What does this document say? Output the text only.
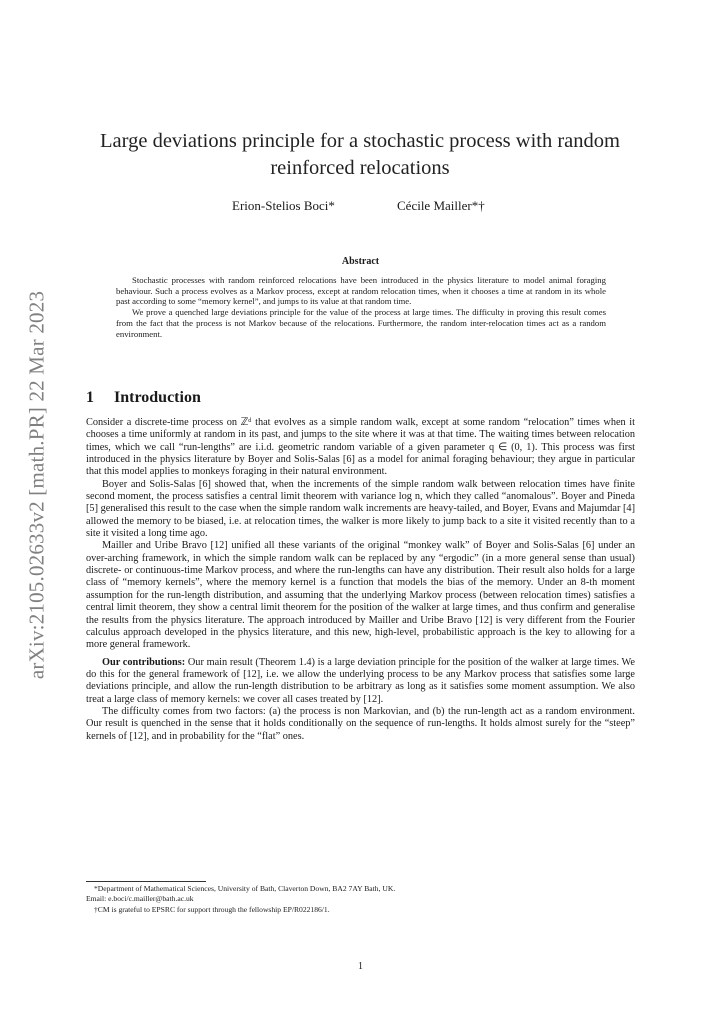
arXiv:2105.02633v2 [math.PR] 22 Mar 2023
Large deviations principle for a stochastic process with random reinforced relocations
Erion-Stelios Boci*	Cécile Mailler*†
Abstract

Stochastic processes with random reinforced relocations have been introduced in the physics literature to model animal foraging behaviour. Such a process evolves as a Markov process, except at random relocation times, when it chooses a time at random in its whole past according to some “memory kernel”, and jumps to its value at that random time.

We prove a quenched large deviations principle for the value of the process at large times. The difficulty in proving this result comes from the fact that the process is not Markov because of the relocations. Furthermore, the random inter-relocation times act as a random environment.

1 Introduction

Consider a discrete-time process on ℤᵈ that evolves as a simple random walk, except at some random “relocation” times when it chooses a time uniformly at random in its past, and jumps to the site where it was at that time. The waiting times between relocation times, which we call “run-lengths” are i.i.d. geometric random variable of a given parameter q ∈ (0, 1). This process was first introduced in the physics literature by Boyer and Solis-Salas [6] as a model for animal foraging behaviour; they argue in particular that this model applies to monkeys foraging in their natural environment.

Boyer and Solis-Salas [6] showed that, when the increments of the simple random walk between relocation times have finite second moment, the process satisfies a central limit theorem with variance log n, which they called “anomalous”. Boyer and Pineda [5] generalised this result to the case when the simple random walk increments are heavy-tailed, and Boyer, Evans and Majumdar [4] allowed the memory to be biased, i.e. at relocation times, the walker is more likely to jump back to a site it visited recently than to a site it visited a long time ago.

Mailler and Uribe Bravo [12] unified all these variants of the original “monkey walk” of Boyer and Solis-Salas [6] under an over-arching framework, in which the simple random walk can be replaced by any “ergodic” (in a more general sense than usual) discrete- or continuous-time Markov process, and where the run-lengths can have any distribution. Their result also holds for a large class of “memory kernels”, where the memory kernel is a function that models the bias of the memory. Under an 8-th moment assumption for the run-length distribution, and assuming that the underlying Markov process (between relocation times) satisfies a central limit theorem, they show a central limit theorem for the position of the walker at large times, and thus confirm and generalise the results from the physics literature. The approach introduced by Mailler and Uribe Bravo [12] is very different from the Fourier calculus approach developed in the physics literature, and this new, high-level, probabilistic approach is the key to allowing for a more general framework.

Our contributions: Our main result (Theorem 1.4) is a large deviation principle for the position of the walker at large times. We do this for the general framework of [12], i.e. we allow the underlying process to be any Markov process that satisfies some large deviations principle, and allow the run-length distribution to be arbitrary as long as it satisfies some moment assumption. We also treat a large class of memory kernels: we cover all cases treated by [12].

The difficulty comes from two factors: (a) the process is non Markovian, and (b) the run-length act as a random environment. Our result is quenched in the sense that it holds conditionally on the sequence of run-lengths. It holds almost surely for the “steep” kernels of [12], and in probability for the “flat” ones.

*Department of Mathematical Sciences, University of Bath, Claverton Down, BA2 7AY Bath, UK.
Email: e.boci/c.mailler@bath.ac.uk
†CM is grateful to EPSRC for support through the fellowship EP/R022186/1.
1
